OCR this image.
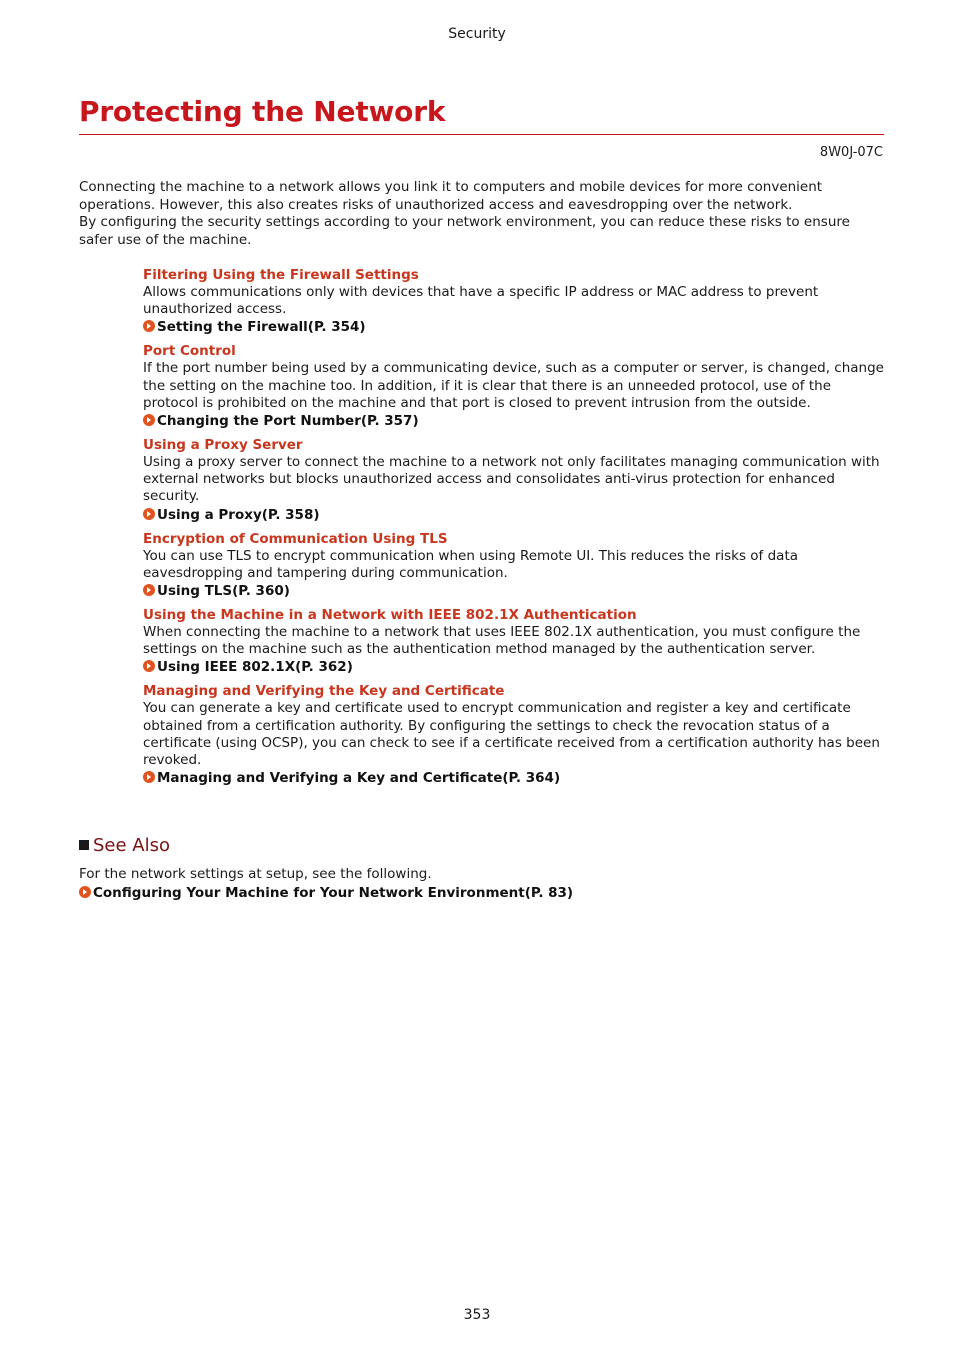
Security
Protecting the Network
8W0J-07C

Connecting the machine to a network allows you link it to computers and mobile devices for more convenient operations. However, this also creates risks of unauthorized access and eavesdropping over the network.

By configuring the security settings according to your network environment, you can reduce these risks to ensure safer use of the machine.

Filtering Using the Firewall Settings
Allows communications only with devices that have a specific IP address or MAC address to prevent unauthorized access.
Setting the Firewall(P. 354)
Port Control
If the port number being used by a communicating device, such as a computer or server, is changed, change the setting on the machine too. In addition, if it is clear that there is an unneeded protocol, use of the protocol is prohibited on the machine and that port is closed to prevent intrusion from the outside.
Changing the Port Number(P. 357)
Using a Proxy Server
Using a proxy server to connect the machine to a network not only facilitates managing communication with external networks but blocks unauthorized access and consolidates anti-virus protection for enhanced security.
Using a Proxy(P. 358)
Encryption of Communication Using TLS
You can use TLS to encrypt communication when using Remote UI. This reduces the risks of data eavesdropping and tampering during communication.
Using TLS(P. 360)
Using the Machine in a Network with IEEE 802.1X Authentication
When connecting the machine to a network that uses IEEE 802.1X authentication, you must configure the settings on the machine such as the authentication method managed by the authentication server.
Using IEEE 802.1X(P. 362)
Managing and Verifying the Key and Certificate
You can generate a key and certificate used to encrypt communication and register a key and certificate obtained from a certification authority. By configuring the settings to check the revocation status of a certificate (using OCSP), you can check to see if a certificate received from a certification authority has been revoked.
Managing and Verifying a Key and Certificate(P. 364)
See Also
For the network settings at setup, see the following.
Configuring Your Machine for Your Network Environment(P. 83)
353
